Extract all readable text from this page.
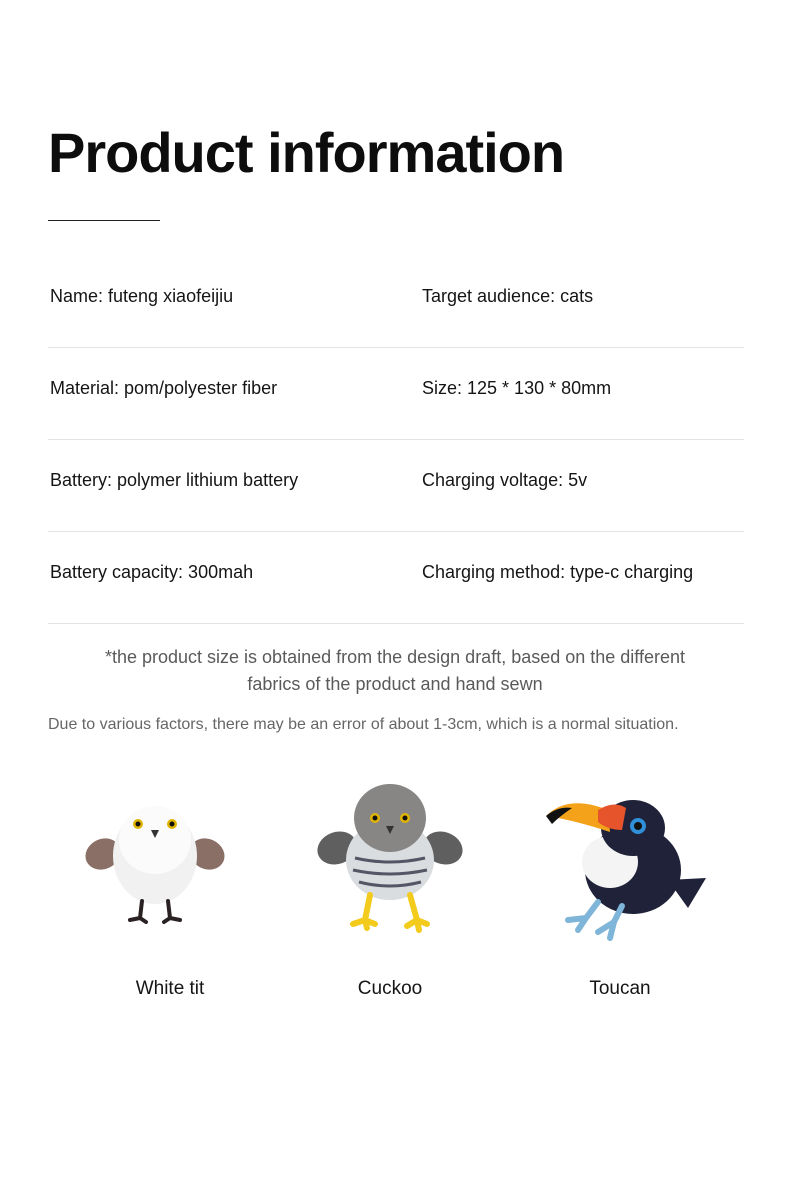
Product information
Name: futeng xiaofeijiu	Target audience: cats
Material: pom/polyester fiber	Size: 125 * 130 * 80mm
Battery: polymer lithium battery	Charging voltage: 5v
Battery capacity: 300mah	Charging method: type-c charging
*the product size is obtained from the design draft, based on the different
fabrics of the product and hand sewn
Due to various factors, there may be an error of about 1-3cm, which is a normal situation.
White tit	Cuckoo	Toucan
